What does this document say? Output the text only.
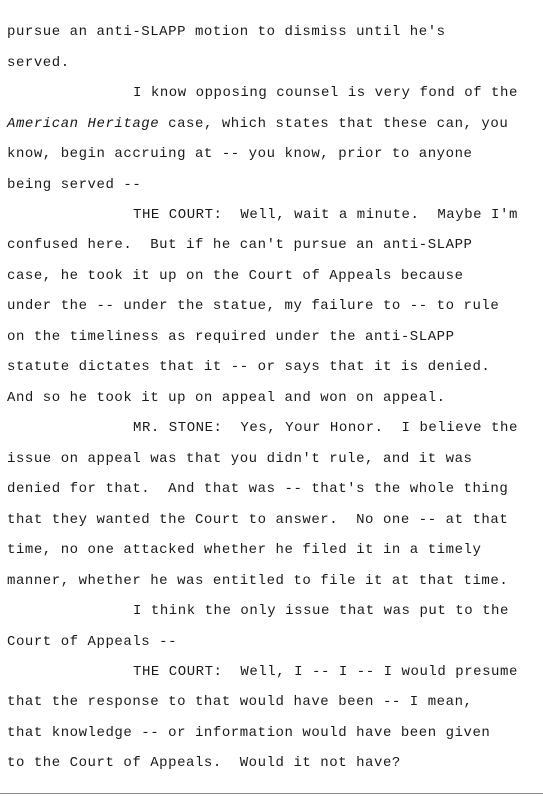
pursue an anti-SLAPP motion to dismiss until he's
served.
I know opposing counsel is very fond of the
American Heritage case, which states that these can, you
know, begin accruing at -- you know, prior to anyone
being served --
THE COURT:  Well, wait a minute.  Maybe I'm
confused here.  But if he can't pursue an anti-SLAPP
case, he took it up on the Court of Appeals because
under the -- under the statue, my failure to -- to rule
on the timeliness as required under the anti-SLAPP
statute dictates that it -- or says that it is denied.
And so he took it up on appeal and won on appeal.
MR. STONE:  Yes, Your Honor.  I believe the
issue on appeal was that you didn't rule, and it was
denied for that.  And that was -- that's the whole thing
that they wanted the Court to answer.  No one -- at that
time, no one attacked whether he filed it in a timely
manner, whether he was entitled to file it at that time.
I think the only issue that was put to the
Court of Appeals --
THE COURT:  Well, I -- I -- I would presume
that the response to that would have been -- I mean,
that knowledge -- or information would have been given
to the Court of Appeals.  Would it not have?
